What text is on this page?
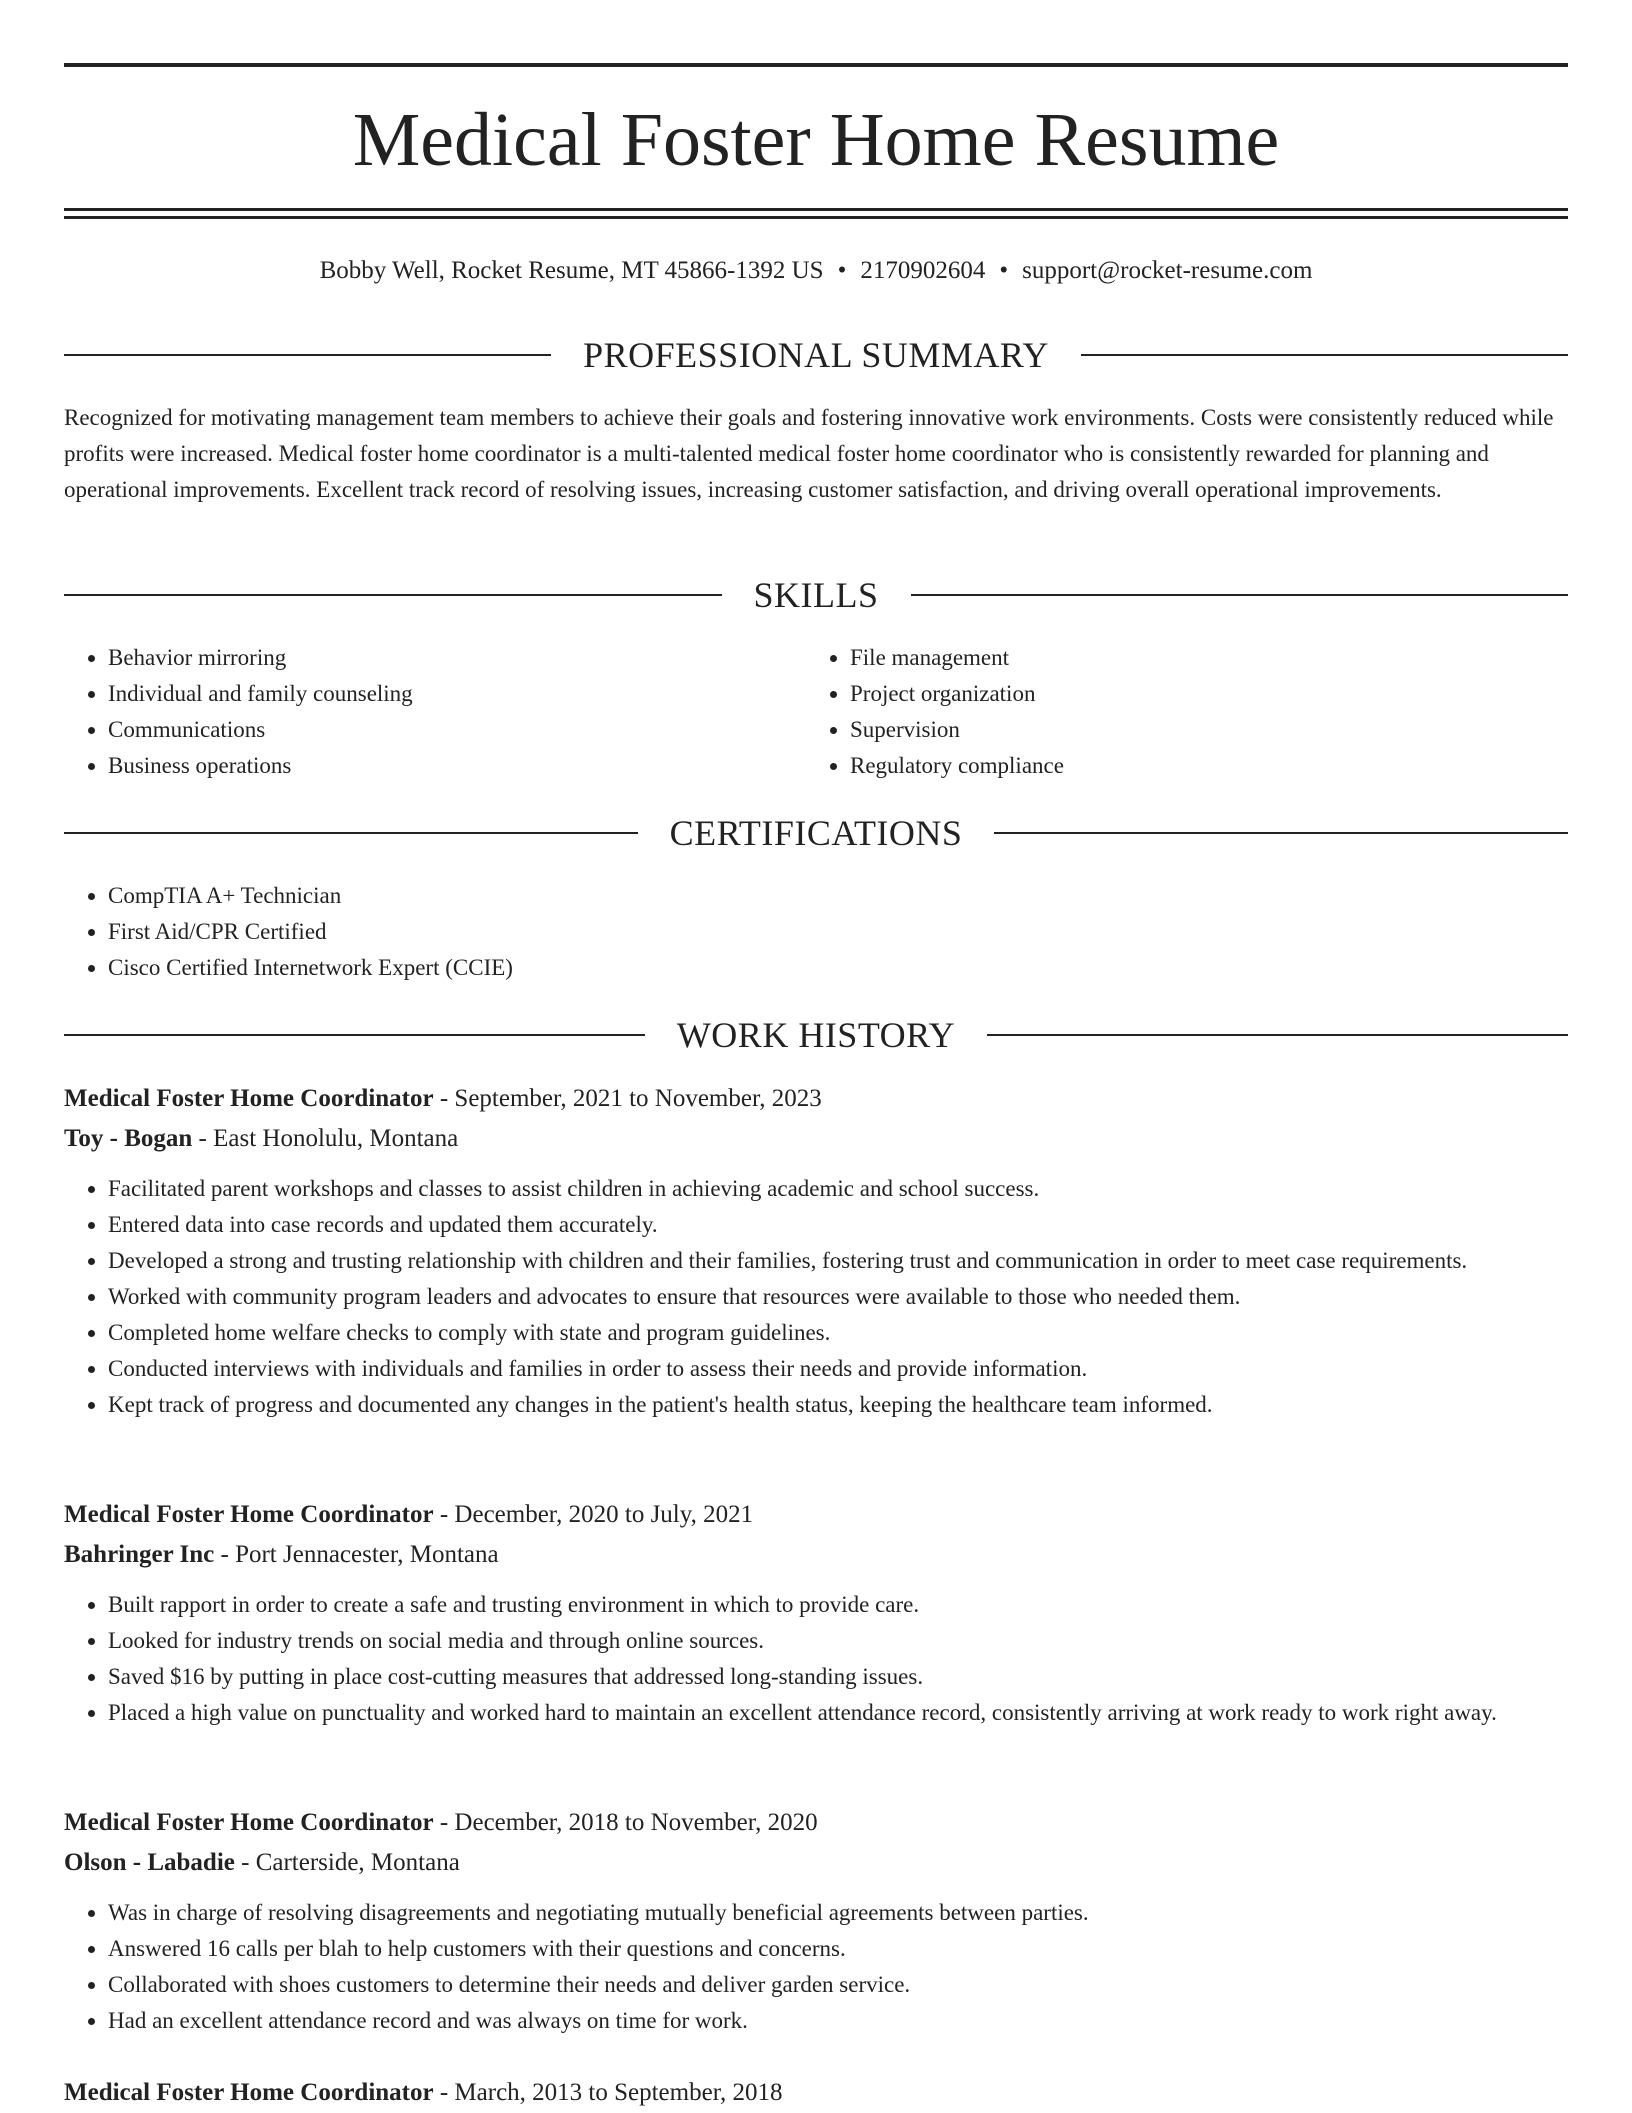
Medical Foster Home Resume
Bobby Well, Rocket Resume, MT 45866-1392 US • 2170902604 • support@rocket-resume.com
PROFESSIONAL SUMMARY

Recognized for motivating management team members to achieve their goals and fostering innovative work environments. Costs were consistently reduced while profits were increased. Medical foster home coordinator is a multi-talented medical foster home coordinator who is consistently rewarded for planning and operational improvements. Excellent track record of resolving issues, increasing customer satisfaction, and driving overall operational improvements.

SKILLS
• Behavior mirroring
• Individual and family counseling
• Communications
• Business operations
• File management
• Project organization
• Supervision
• Regulatory compliance
CERTIFICATIONS
• CompTIA A+ Technician
• First Aid/CPR Certified
• Cisco Certified Internetwork Expert (CCIE)
WORK HISTORY
Medical Foster Home Coordinator - September, 2021 to November, 2023
Toy - Bogan - East Honolulu, Montana
• Facilitated parent workshops and classes to assist children in achieving academic and school success.
• Entered data into case records and updated them accurately.
• Developed a strong and trusting relationship with children and their families, fostering trust and communication in order to meet case requirements.
• Worked with community program leaders and advocates to ensure that resources were available to those who needed them.
• Completed home welfare checks to comply with state and program guidelines.
• Conducted interviews with individuals and families in order to assess their needs and provide information.
• Kept track of progress and documented any changes in the patient's health status, keeping the healthcare team informed.
Medical Foster Home Coordinator - December, 2020 to July, 2021
Bahringer Inc - Port Jennacester, Montana
• Built rapport in order to create a safe and trusting environment in which to provide care.
• Looked for industry trends on social media and through online sources.
• Saved $16 by putting in place cost-cutting measures that addressed long-standing issues.
• Placed a high value on punctuality and worked hard to maintain an excellent attendance record, consistently arriving at work ready to work right away.
Medical Foster Home Coordinator - December, 2018 to November, 2020
Olson - Labadie - Carterside, Montana
• Was in charge of resolving disagreements and negotiating mutually beneficial agreements between parties.
• Answered 16 calls per blah to help customers with their questions and concerns.
• Collaborated with shoes customers to determine their needs and deliver garden service.
• Had an excellent attendance record and was always on time for work.
Medical Foster Home Coordinator - March, 2013 to September, 2018
